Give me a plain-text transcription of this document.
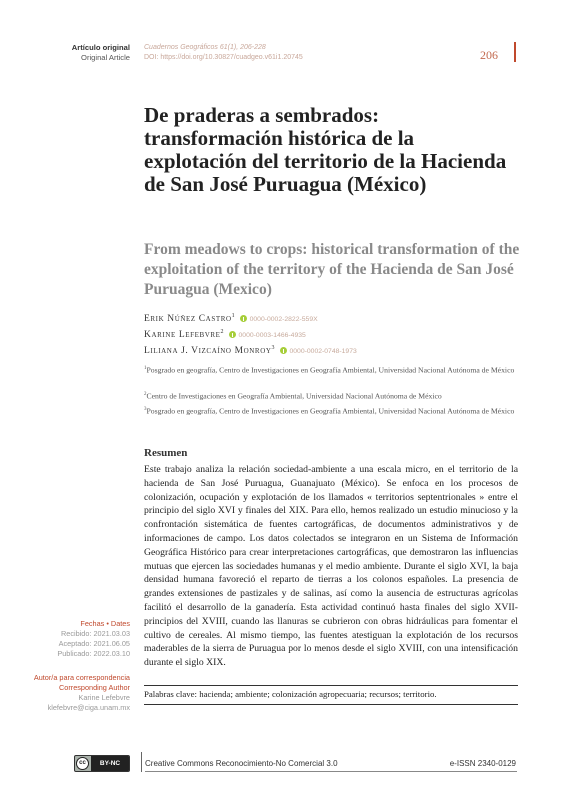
Artículo original
Original Article
Cuadernos Geográficos 61(1), 206-228
DOI: https://doi.org/10.30827/cuadgeo.v61i1.20745	206
De praderas a sembrados: transformación histórica de la explotación del territorio de la Hacienda de San José Puruagua (México)
From meadows to crops: historical transformation of the exploitation of the territory of the Hacienda de San José Puruagua (Mexico)
Erik Núñez Castro$^1$ 0000-0002-2822-559X
Karine Lefebvre$^2$ 0000-0003-1466-4935
Liliana J. Vizcaíno Monroy$^3$ 0000-0002-0748-1973
$^1$Posgrado en geografía, Centro de Investigaciones en Geografía Ambiental, Universidad Nacional Autónoma de México
$^2$Centro de Investigaciones en Geografía Ambiental, Universidad Nacional Autónoma de México
$^3$Posgrado en geografía, Centro de Investigaciones en Geografía Ambiental, Universidad Nacional Autónoma de México
Fechas • Dates
Recibido: 2021.03.03
Aceptado: 2021.06.05
Publicado: 2022.03.10
Autor/a para correspondencia
Corresponding Author
Karine Lefebvre
klefebvre@ciga.unam.mx
Resumen
Este trabajo analiza la relación sociedad-ambiente a una escala micro, en el territorio de la hacienda de San José Puruagua, Guanajuato (México). Se enfoca en los procesos de colonización, ocupación y explotación de los llamados « territorios septentrionales » entre el principio del siglo XVI y finales del XIX. Para ello, hemos realizado un estudio minucioso y la confrontación sistemática de fuentes cartográficas, de documentos administrativos y de informaciones de campo. Los datos colectados se integraron en un Sistema de Información Geográfica Histórico para crear interpretaciones cartográficas, que demostraron las influencias mutuas que ejercen las sociedades humanas y el medio ambiente. Durante el siglo XVI, la baja densidad humana favoreció el reparto de tierras a los colonos españoles. La presencia de grandes extensiones de pastizales y de salinas, así como la ausencia de estructuras agrícolas facilitó el desarrollo de la ganadería. Esta actividad continuó hasta finales del siglo XVII-principios del XVIII, cuando las llanuras se cubrieron con obras hidráulicas para fomentar el cultivo de cereales. Al mismo tiempo, las fuentes atestiguan la explotación de los recursos maderables de la sierra de Puruagua por lo menos desde el siglo XVIII, con una intensificación durante el siglo XIX.
Palabras clave: hacienda; ambiente; colonización agropecuaria; recursos; territorio.
cc	BY-NC	Creative Commons Reconocimiento-No Comercial 3.0	e-ISSN 2340-0129
